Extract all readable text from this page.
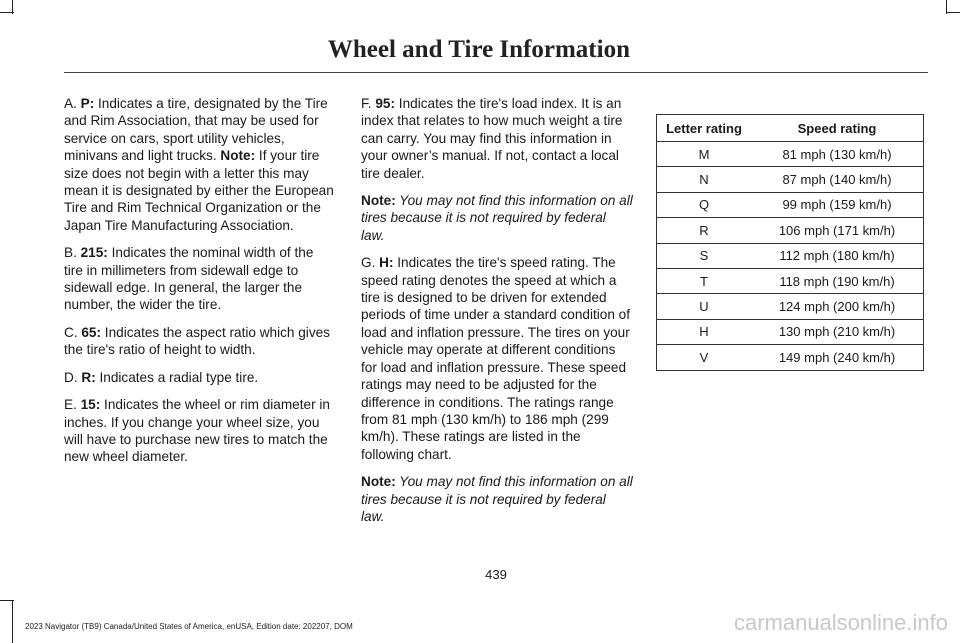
Wheel and Tire Information

A. P: Indicates a tire, designated by the Tire and Rim Association, that may be used for service on cars, sport utility vehicles, minivans and light trucks. Note: If your tire size does not begin with a letter this may mean it is designated by either the European Tire and Rim Technical Organization or the Japan Tire Manufacturing Association.

B. 215: Indicates the nominal width of the tire in millimeters from sidewall edge to sidewall edge. In general, the larger the number, the wider the tire.

C. 65: Indicates the aspect ratio which gives the tire's ratio of height to width.

D. R: Indicates a radial type tire.

E. 15: Indicates the wheel or rim diameter in inches. If you change your wheel size, you will have to purchase new tires to match the new wheel diameter.

F. 95: Indicates the tire's load index. It is an index that relates to how much weight a tire can carry. You may find this information in your owner’s manual. If not, contact a local tire dealer.

Note: You may not find this information on all tires because it is not required by federal law.

G. H: Indicates the tire's speed rating. The speed rating denotes the speed at which a tire is designed to be driven for extended periods of time under a standard condition of load and inflation pressure. The tires on your vehicle may operate at different conditions for load and inflation pressure. These speed ratings may need to be adjusted for the difference in conditions. The ratings range from 81 mph (130 km/h) to 186 mph (299 km/h). These ratings are listed in the following chart.

Note: You may not find this information on all tires because it is not required by federal law.

Letter rating	Speed rating
M	81 mph (130 km/h)
N	87 mph (140 km/h)
Q	99 mph (159 km/h)
R	106 mph (171 km/h)
S	112 mph (180 km/h)
T	118 mph (190 km/h)
U	124 mph (200 km/h)
H	130 mph (210 km/h)
V	149 mph (240 km/h)
439
2023 Navigator (TB9) Canada/United States of America, enUSA, Edition date: 202207, DOM	carmanualsonline.info
